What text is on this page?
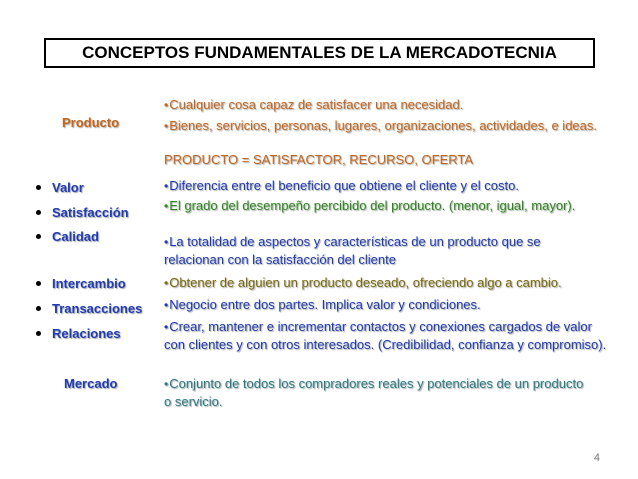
CONCEPTOS FUNDAMENTALES DE LA MERCADOTECNIA
Producto
•Cualquier cosa capaz de satisfacer una necesidad.
•Bienes, servicios, personas, lugares, organizaciones, actividades, e ideas.
PRODUCTO = SATISFACTOR, RECURSO, OFERTA
Valor
Satisfacción
Calidad
•Diferencia entre el beneficio que obtiene el cliente y el costo.
•El grado del desempeño percibido del producto. (menor, igual, mayor).
•La totalidad de aspectos y características de un producto que se relacionan con la satisfacción del cliente
Intercambio
Transacciones
Relaciones
•Obtener de alguien un producto deseado, ofreciendo algo a cambio.
•Negocio entre dos partes. Implica valor y condiciones.
•Crear, mantener e incrementar contactos y conexiones cargados de valor con clientes y con otros interesados. (Credibilidad, confianza y compromiso).
Mercado	•Conjunto de todos los compradores reales y potenciales de un producto o servicio.
4
